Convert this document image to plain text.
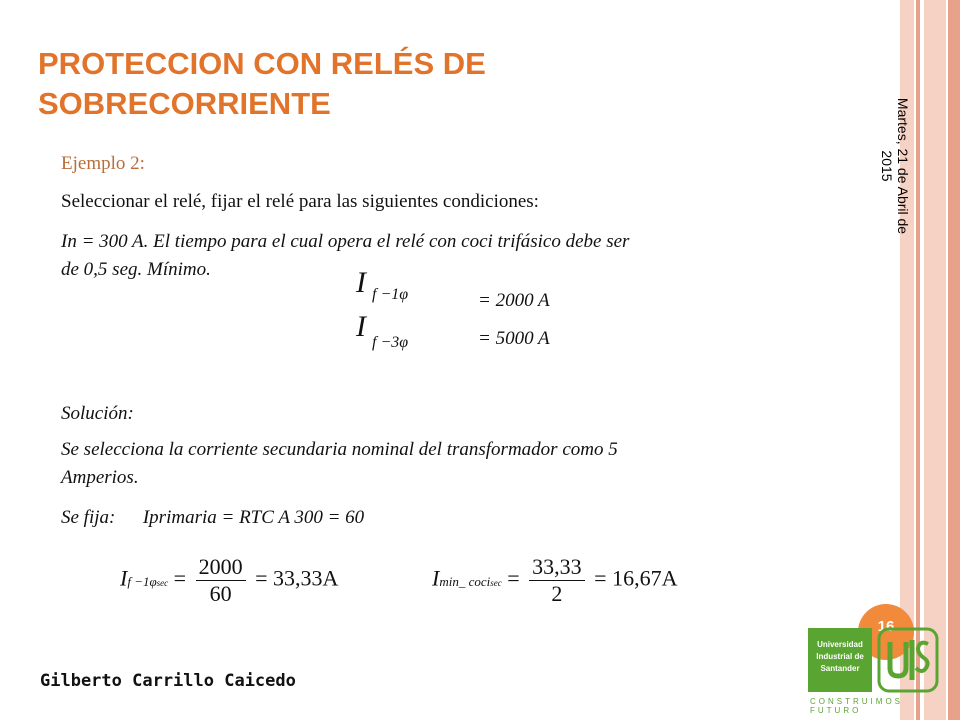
PROTECCION CON RELÉS DE
SOBRECORRIENTE	Martes, 21 de Abril de
2015
Ejemplo 2:
Seleccionar el relé, fijar el relé para las siguientes condiciones:
In = 300 A. El tiempo para el cual opera el relé con coci trifásico debe ser
de 0,5 seg. Mínimo.	I f −1φ	= 2000 A
I f −3φ	= 5000 A
Solución:
Se selecciona la corriente secundaria nominal del transformador como 5
Amperios.
Se fija: Iprimaria = RTC A 300 = 60
$If -1\varphi\sec = \frac{2000}{60} = 33,33A$	Imin_ cocisec = $\frac{33,33}{2} = 16,67A$
Gilberto Carrillo Caicedo
16
Universidad
Industrial de
Santander
CONSTRUIMOS FUTURO
